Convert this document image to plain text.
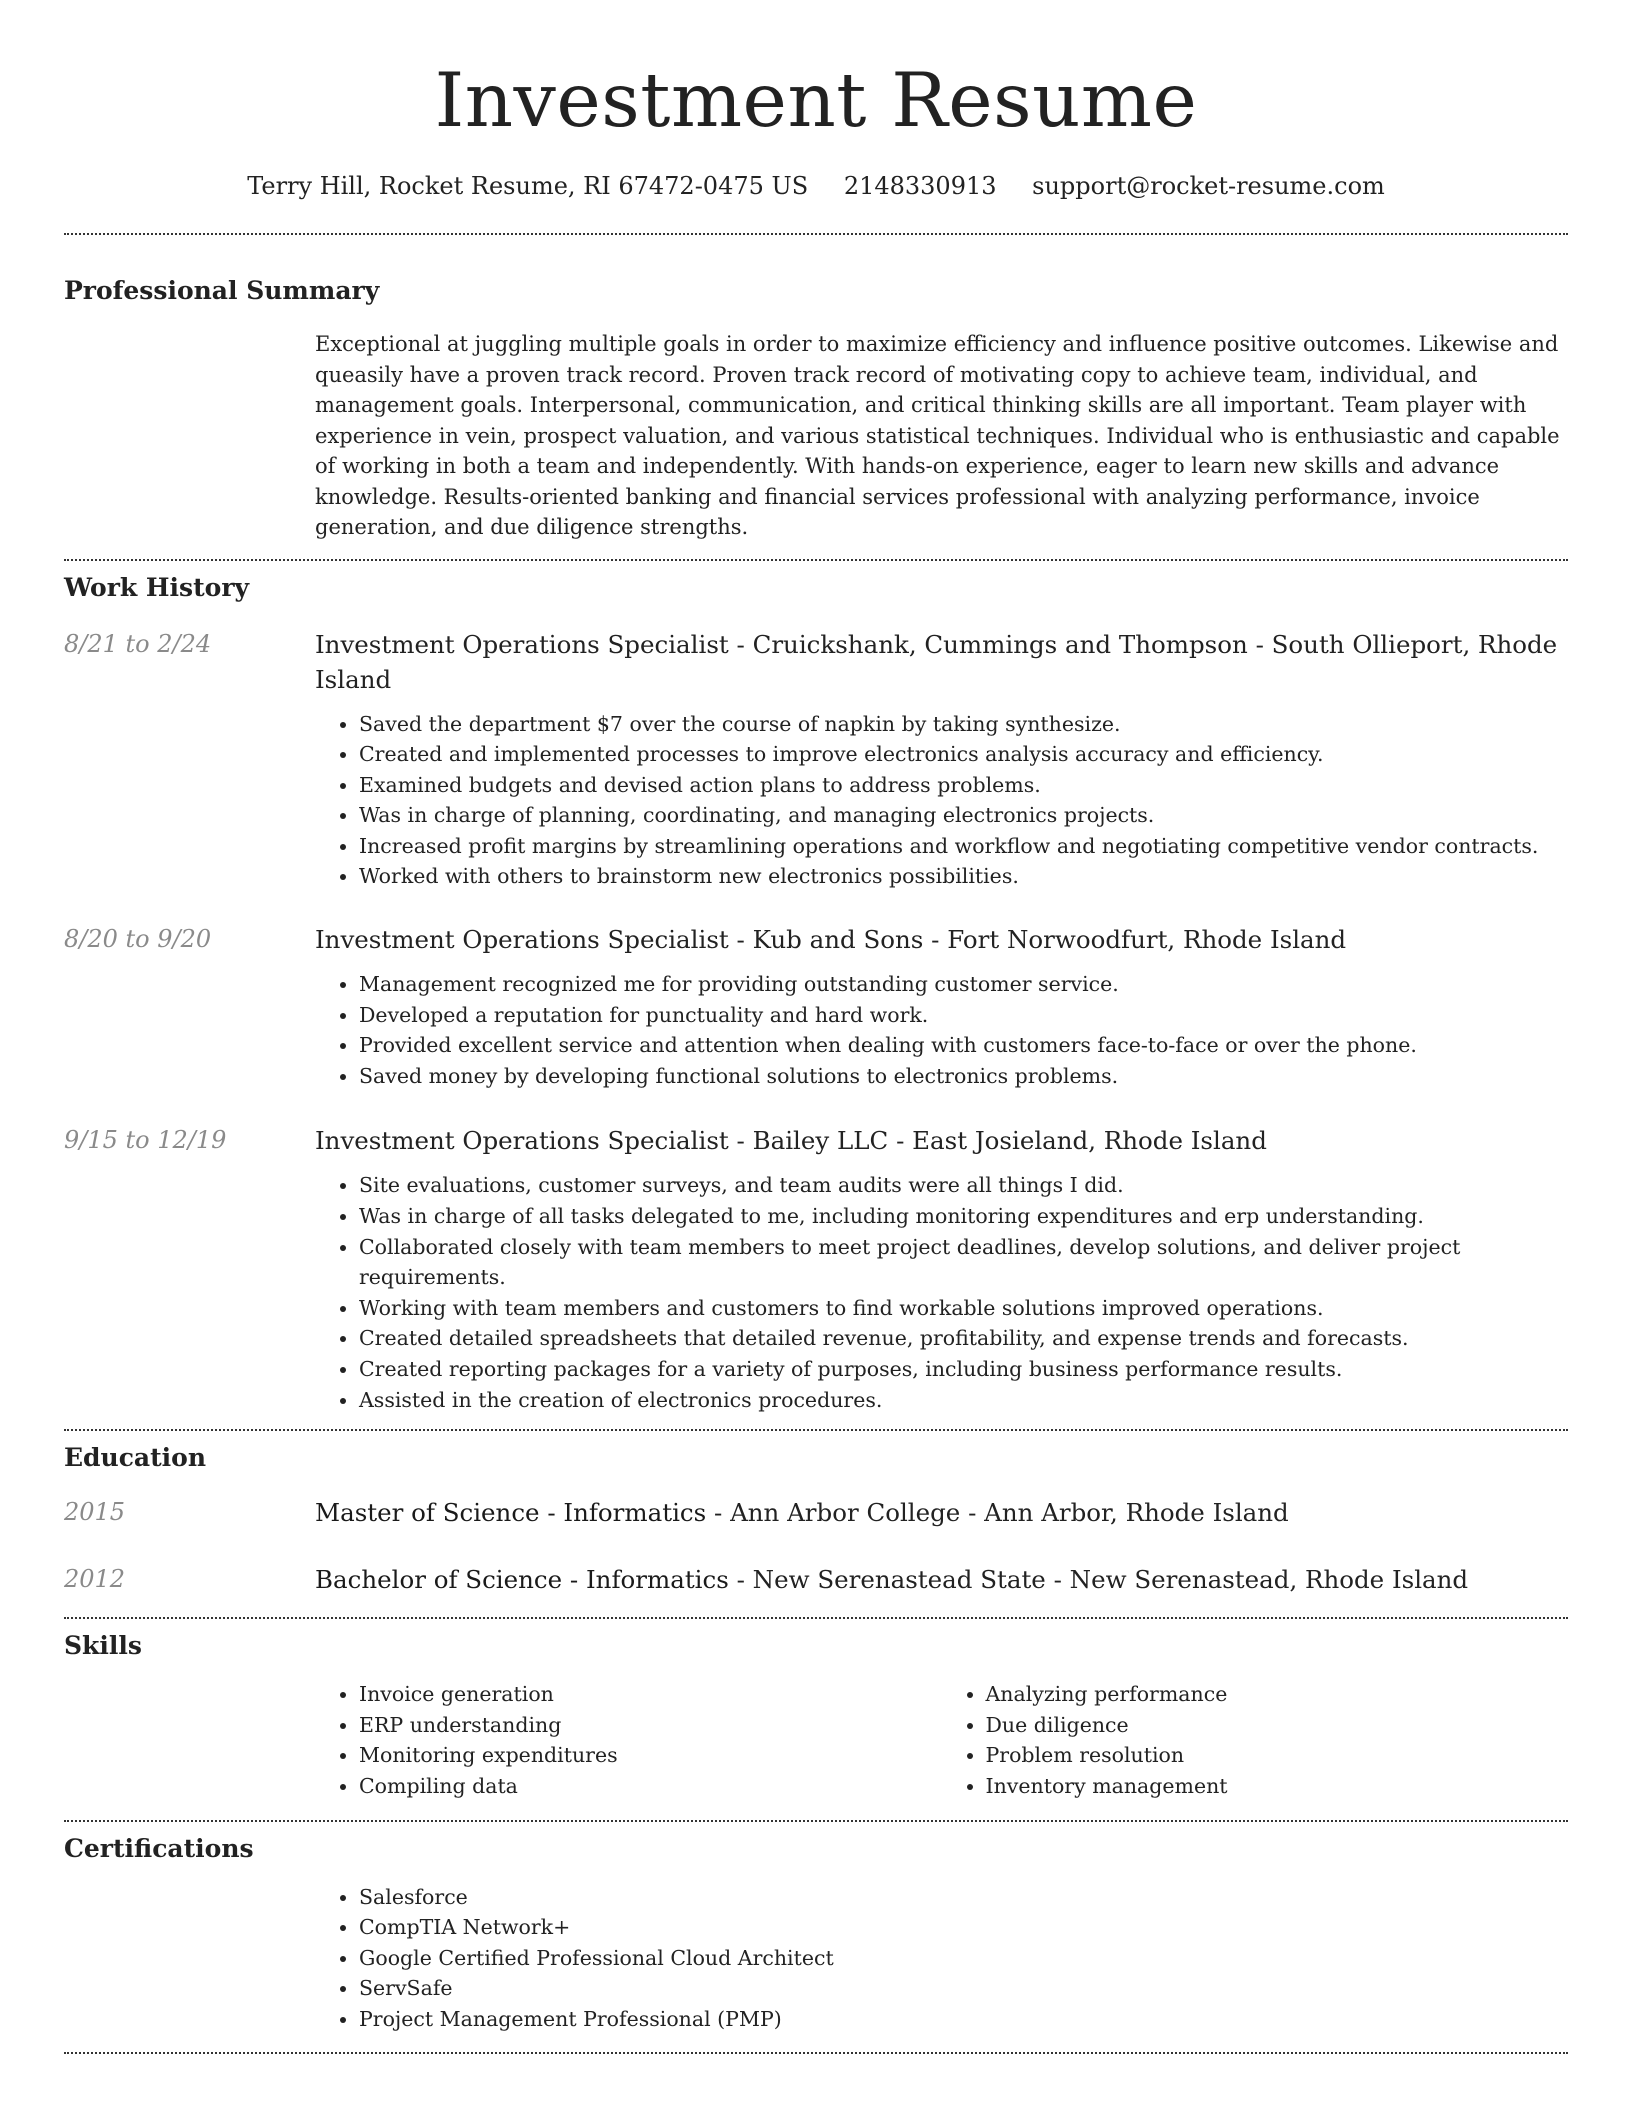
Investment Resume
Terry Hill, Rocket Resume, RI 67472-0475 US 2148330913 support@rocket-resume.com
Professional Summary

Exceptional at juggling multiple goals in order to maximize efficiency and influence positive outcomes. Likewise and queasily have a proven track record. Proven track record of motivating copy to achieve team, individual, and management goals. Interpersonal, communication, and critical thinking skills are all important. Team player with experience in vein, prospect valuation, and various statistical techniques. Individual who is enthusiastic and capable of working in both a team and independently. With hands-on experience, eager to learn new skills and advance knowledge. Results-oriented banking and financial services professional with analyzing performance, invoice generation, and due diligence strengths.

Work History
8/21 to 2/24	Investment Operations Specialist - Cruickshank, Cummings and Thompson - South Ollieport, Rhode Island

• Saved the department $7 over the course of napkin by taking synthesize.
• Created and implemented processes to improve electronics analysis accuracy and efficiency.
• Examined budgets and devised action plans to address problems.
• Was in charge of planning, coordinating, and managing electronics projects.
• Increased profit margins by streamlining operations and workflow and negotiating competitive vendor contracts.
• Worked with others to brainstorm new electronics possibilities.
8/20 to 9/20	Investment Operations Specialist - Kub and Sons - Fort Norwoodfurt, Rhode Island

• Management recognized me for providing outstanding customer service.
• Developed a reputation for punctuality and hard work.
• Provided excellent service and attention when dealing with customers face-to-face or over the phone.
• Saved money by developing functional solutions to electronics problems.
9/15 to 12/19	Investment Operations Specialist - Bailey LLC - East Josieland, Rhode Island

• Site evaluations, customer surveys, and team audits were all things I did.
• Was in charge of all tasks delegated to me, including monitoring expenditures and erp understanding.
• Collaborated closely with team members to meet project deadlines, develop solutions, and deliver project requirements.
• Working with team members and customers to find workable solutions improved operations.
• Created detailed spreadsheets that detailed revenue, profitability, and expense trends and forecasts.
• Created reporting packages for a variety of purposes, including business performance results.
• Assisted in the creation of electronics procedures.
Education
2015	Master of Science - Informatics - Ann Arbor College - Ann Arbor, Rhode Island

2012	Bachelor of Science - Informatics - New Serenastead State - New Serenastead, Rhode Island

Skills
• Invoice generation
• ERP understanding
• Monitoring expenditures
• Compiling data
• Analyzing performance
• Due diligence
• Problem resolution
• Inventory management
Certifications
• Salesforce
• CompTIA Network+
• Google Certified Professional Cloud Architect
• ServSafe
• Project Management Professional (PMP)
